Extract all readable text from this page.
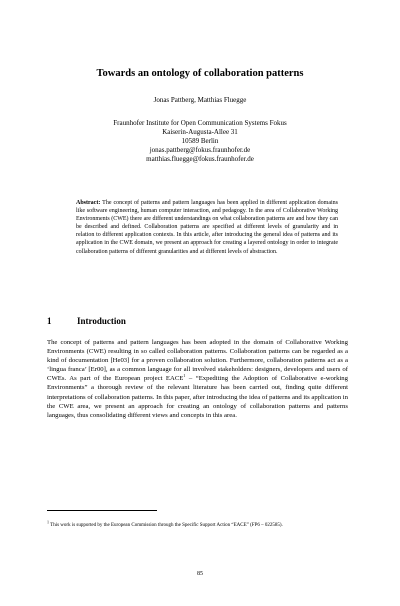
Towards an ontology of collaboration patterns
Jonas Pattberg, Matthias Fluegge
Fraunhofer Institute for Open Communication Systems Fokus
Kaiserin-Augusta-Allee 31
10589 Berlin
jonas.pattberg@fokus.fraunhofer.de
matthias.fluegge@fokus.fraunhofer.de

Abstract: The concept of patterns and pattern languages has been applied in different application domains like software engineering, human computer interaction, and pedagogy. In the area of Collaborative Working Environments (CWE) there are different understandings on what collaboration patterns are and how they can be described and defined. Collaboration patterns are specified at different levels of granularity and in relation to different application contexts. In this article, after introducing the general idea of patterns and its application in the CWE domain, we present an approach for creating a layered ontology in order to integrate collaboration patterns of different granularities and at different levels of abstraction.

1	Introduction

The concept of patterns and pattern languages has been adopted in the domain of Collaborative Working Environments (CWE) resulting in so called collaboration patterns. Collaboration patterns can be regarded as a kind of documentation [He03] for a proven collaboration solution. Furthermore, collaboration patterns act as a ‘lingua franca’ [Er00], as a common language for all involved stakeholders: designers, developers and users of CWEs. As part of the European project EACE$^1$ – “Expediting the Adoption of Collaborative e-working Environments” a thorough review of the relevant literature has been carried out, finding quite different interpretations of collaboration patterns. In this paper, after introducing the idea of patterns and its application in the CWE area, we present an approach for creating an ontology of collaboration patterns and patterns languages, thus consolidating different views and concepts in this area.

$^1$ This work is supported by the European Commission through the Specific Support Action “EACE” (FP6 – 022585).

85
